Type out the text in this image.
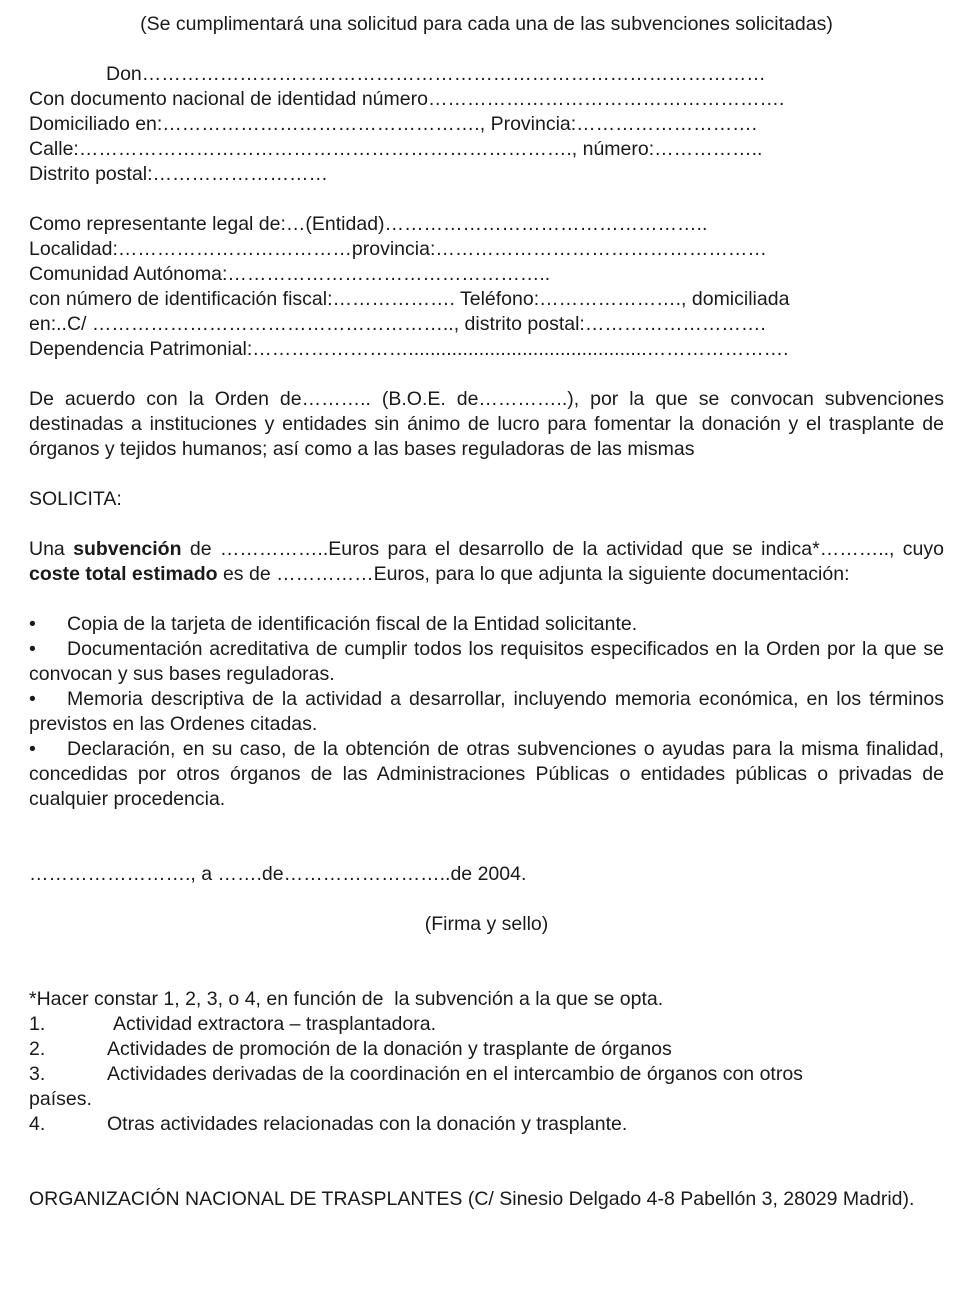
(Se cumplimentará una solicitud para cada una de las subvenciones solicitadas)
Don……………………………………………………………………………………
Con documento nacional de identidad número……………………………………………….
Domiciliado en:…………………………………………., Provincia:……………………….
Calle:…………………………………………………………………., número:……………..
Distrito postal:………………………
Como representante legal de:…(Entidad)…………………………………………..
Localidad:………………………………provincia:……………………………………………
Comunidad Autónoma:…………………………………………..
con número de identificación fiscal:………………. Teléfono:…………………., domiciliada
en:..C/ ……………………………………………….., distrito postal:……………………….
Dependencia Patrimonial:……………………............................................………………….
De acuerdo con la Orden de……….. (B.O.E. de…………..), por la que se convocan subvenciones destinadas a instituciones y entidades sin ánimo de lucro para fomentar la donación y el trasplante de órganos y tejidos humanos; así como a las bases reguladoras de las mismas
SOLICITA:
Una subvención de ……………..Euros para el desarrollo de la actividad que se indica*……….., cuyo coste total estimado es de ……………Euros, para lo que adjunta la siguiente documentación:
• Copia de la tarjeta de identificación fiscal de la Entidad solicitante.
• Documentación acreditativa de cumplir todos los requisitos especificados en la Orden por la que se convocan y sus bases reguladoras.
• Memoria descriptiva de la actividad a desarrollar, incluyendo memoria económica, en los términos previstos en las Ordenes citadas.
• Declaración, en su caso, de la obtención de otras subvenciones o ayudas para la misma finalidad, concedidas por otros órganos de las Administraciones Públicas o entidades públicas o privadas de cualquier procedencia.
……………………., a …….de……………………..de 2004.
(Firma y sello)
*Hacer constar 1, 2, 3, o 4, en función de  la subvención a la que se opta.
1.	Actividad extractora – trasplantadora.
2.	Actividades de promoción de la donación y trasplante de órganos
3.	Actividades derivadas de la coordinación en el intercambio de órganos con otros
países.
4.	Otras actividades relacionadas con la donación y trasplante.
ORGANIZACIÓN NACIONAL DE TRASPLANTES (C/ Sinesio Delgado 4-8 Pabellón 3, 28029 Madrid).
